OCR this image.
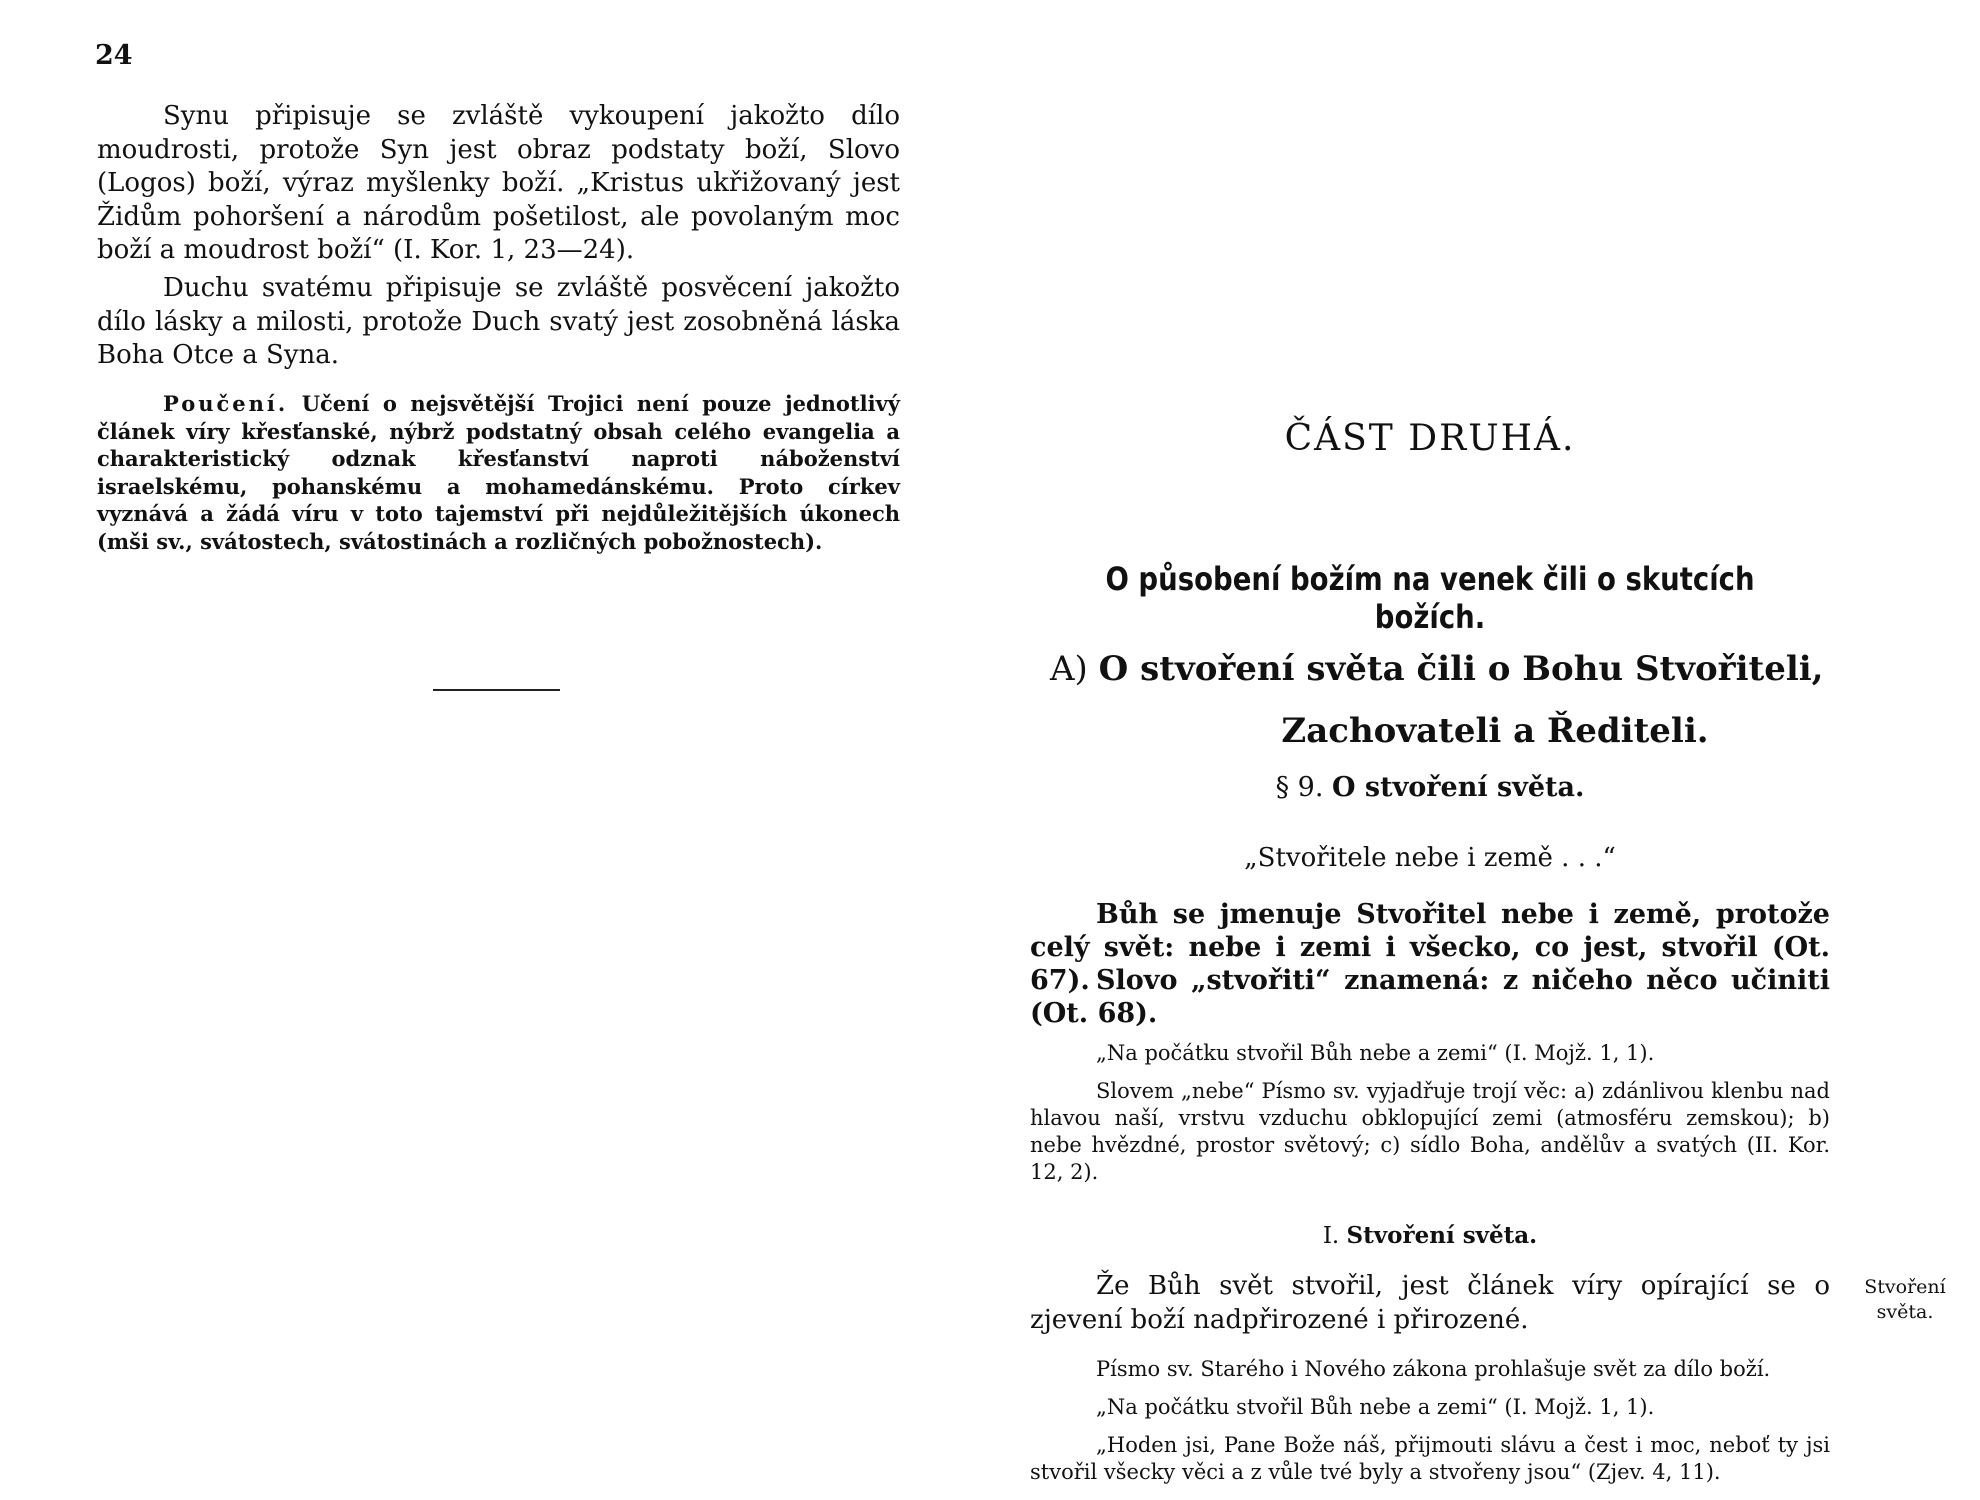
24

Synu připisuje se zvláště vykoupení jakožto dílo moudrosti, protože Syn jest obraz podstaty boží, Slovo (Logos) boží, výraz myšlenky boží. „Kristus ukřižovaný jest Židům pohoršení a národům pošetilost, ale povolaným moc boží a moudrost boží“ (I. Kor. 1, 23—24).

Duchu svatému připisuje se zvláště posvěcení jakožto dílo lásky a milosti, protože Duch svatý jest zosobněná láska Boha Otce a Syna.

Poučení. Učení o nejsvětější Trojici není pouze jednotlivý článek víry křesťanské, nýbrž podstatný obsah celého evangelia a charakteristický odznak křesťanství naproti náboženství israelskému, pohanskému a mohamedánskému. Proto církev vyznává a žádá víru v toto tajemství při nejdůležitějších úkonech (mši sv., svátostech, svátostinách a rozličných pobožnostech).

ČÁST DRUHÁ.
O působení božím na venek čili o skutcích božích.
A) O stvoření světa čili o Bohu Stvořiteli,
Zachovateli a Řediteli.
§ 9. O stvoření světa.
„Stvořitele nebe i země . . .“

Bůh se jmenuje Stvořitel nebe i země, protože celý svět: nebe i zemi i všecko, co jest, stvořil (Ot. 67). Slovo „stvořiti“ znamená: z ničeho něco učiniti (Ot. 68).

„Na počátku stvořil Bůh nebe a zemi“ (I. Mojž. 1, 1).

Slovem „nebe“ Písmo sv. vyjadřuje trojí věc: a) zdánlivou klenbu nad hlavou naší, vrstvu vzduchu obklopující zemi (atmosféru zemskou); b) nebe hvězdné, prostor světový; c) sídlo Boha, andělův a svatých (II. Kor. 12, 2).

I. Stvoření světa.

Že Bůh svět stvořil, jest článek víry opírající se o zjevení boží nadpřirozené i přirozené.

Stvoření
světa.

Písmo sv. Starého i Nového zákona prohlašuje svět za dílo boží.

„Na počátku stvořil Bůh nebe a zemi“ (I. Mojž. 1, 1).

„Hoden jsi, Pane Bože náš, přijmouti slávu a čest i moc, neboť ty jsi stvořil všecky věci a z vůle tvé byly a stvořeny jsou“ (Zjev. 4, 11).
